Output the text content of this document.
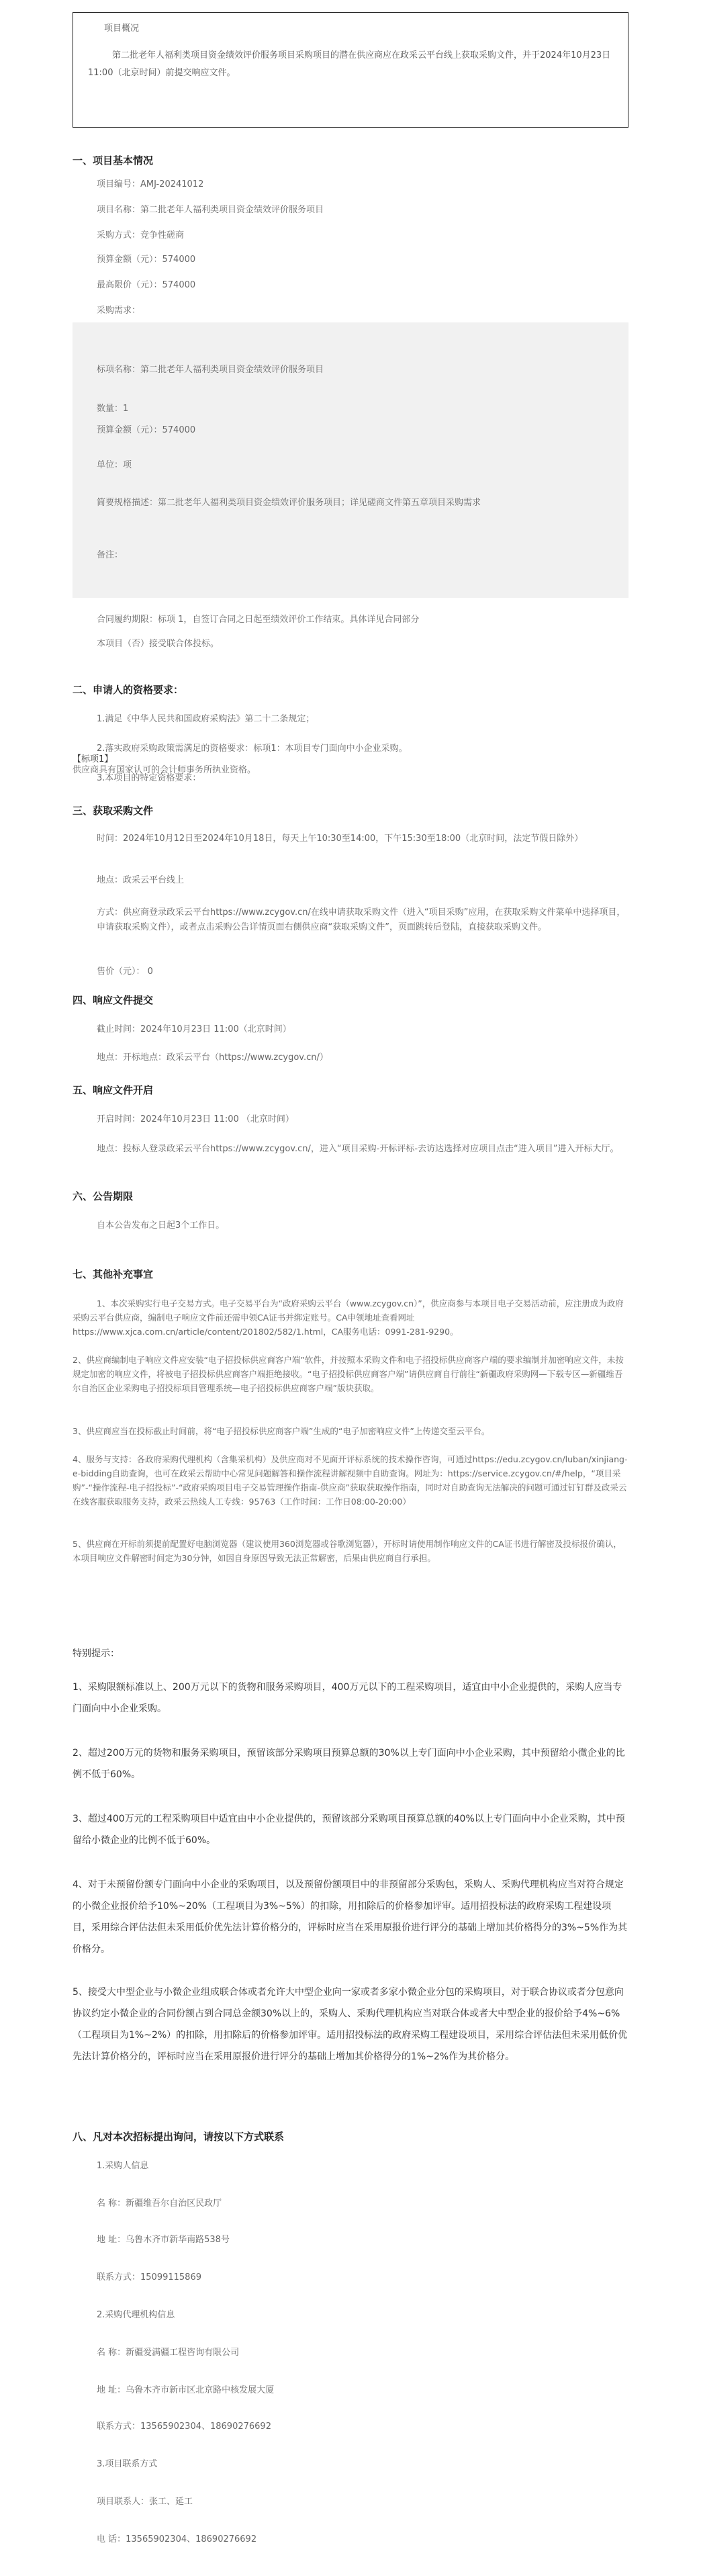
项目概况

第二批老年人福利类项目资金绩效评价服务项目采购项目的潜在供应商应在政采云平台线上获取采购文件，并于2024年10月23日 11:00（北京时间）前提交响应文件。

一、项目基本情况

项目编号：AMJ-20241012

项目名称：第二批老年人福利类项目资金绩效评价服务项目

采购方式：竞争性磋商

预算金额（元）：574000

最高限价（元）：574000

采购需求：

标项名称：第二批老年人福利类项目资金绩效评价服务项目

数量：1

预算金额（元）：574000

单位：项

简要规格描述：第二批老年人福利类项目资金绩效评价服务项目；详见磋商文件第五章项目采购需求

备注：

合同履约期限：标项 1，自签订合同之日起至绩效评价工作结束。具体详见合同部分

本项目（否）接受联合体投标。

二、申请人的资格要求：

1.满足《中华人民共和国政府采购法》第二十二条规定；

2.落实政府采购政策需满足的资格要求：标项1：本项目专门面向中小企业采购。

3.本项目的特定资格要求：

【标项1】

供应商具有国家认可的会计师事务所执业资格。

三、获取采购文件

时间：2024年10月12日至2024年10月18日，每天上午10:30至14:00，下午15:30至18:00（北京时间，法定节假日除外）

地点：政采云平台线上

方式：供应商登录政采云平台https://www.zcygov.cn/在线申请获取采购文件（进入“项目采购”应用，在获取采购文件菜单中选择项目，申请获取采购文件），或者点击采购公告详情页面右侧供应商“获取采购文件”，页面跳转后登陆，直接获取采购文件。

售价（元）： 0

四、响应文件提交

截止时间：2024年10月23日 11:00（北京时间）

地点：开标地点：政采云平台（https://www.zcygov.cn/）

五、响应文件开启

开启时间：2024年10月23日 11:00 （北京时间）

地点：投标人登录政采云平台https://www.zcygov.cn/，进入“项目采购-开标评标-去访达选择对应项目点击“进入项目”进入开标大厅。

六、公告期限

自本公告发布之日起3个工作日。

七、其他补充事宜

1、本次采购实行电子交易方式。电子交易平台为“政府采购云平台（www.zcygov.cn）”，供应商参与本项目电子交易活动前，应注册成为政府采购云平台供应商，编制电子响应文件前还需申领CA证书并绑定账号。CA申领地址查看网址https://www.xjca.com.cn/article/content/201802/582/1.html，CA服务电话：0991-281-9290。

2、供应商编制电子响应文件应安装“电子招投标供应商客户端”软件，并按照本采购文件和电子招投标供应商客户端的要求编制并加密响应文件，未按规定加密的响应文件，将被电子招投标供应商客户端拒绝接收。“电子招投标供应商客户端”请供应商自行前往“新疆政府采购网—下载专区—新疆维吾尔自治区企业采购电子招投标项目管理系统—电子招投标供应商客户端”版块获取。

3、供应商应当在投标截止时间前，将“电子招投标供应商客户端”生成的“电子加密响应文件”上传递交至云平台。

4、服务与支持：各政府采购代理机构（含集采机构）及供应商对不见面开评标系统的技术操作咨询，可通过https://edu.zcygov.cn/luban/xinjiang-e-bidding自助查询，也可在政采云帮助中心常见问题解答和操作流程讲解视频中自助查询。网址为：https://service.zcygov.cn/#/help，“项目采购”-“操作流程-电子招投标”-“政府采购项目电子交易管理操作指南-供应商”获取获取操作指南，同时对自助查询无法解决的问题可通过钉钉群及政采云在线客服获取服务支持，政采云热线人工专线：95763（工作时间：工作日08:00-20:00）

5、供应商在开标前须提前配置好电脑浏览器（建议使用360浏览器或谷歌浏览器），开标时请使用制作响应文件的CA证书进行解密及投标报价确认，本项目响应文件解密时间定为30分钟，如因自身原因导致无法正常解密，后果由供应商自行承担。

特别提示：

1、采购限额标准以上、200万元以下的货物和服务采购项目，400万元以下的工程采购项目，适宜由中小企业提供的，采购人应当专门面向中小企业采购。

2、超过200万元的货物和服务采购项目，预留该部分采购项目预算总额的30%以上专门面向中小企业采购，其中预留给小微企业的比例不低于60%。

3、超过400万元的工程采购项目中适宜由中小企业提供的，预留该部分采购项目预算总额的40%以上专门面向中小企业采购，其中预留给小微企业的比例不低于60%。

4、对于未预留份额专门面向中小企业的采购项目，以及预留份额项目中的非预留部分采购包，采购人、采购代理机构应当对符合规定的小微企业报价给予10%~20%（工程项目为3%~5%）的扣除，用扣除后的价格参加评审。适用招投标法的政府采购工程建设项目，采用综合评估法但未采用低价优先法计算价格分的，评标时应当在采用原报价进行评分的基础上增加其价格得分的3%~5%作为其价格分。

5、接受大中型企业与小微企业组成联合体或者允许大中型企业向一家或者多家小微企业分包的采购项目，对于联合协议或者分包意向协议约定小微企业的合同份额占到合同总金额30%以上的，采购人、采购代理机构应当对联合体或者大中型企业的报价给予4%~6%（工程项目为1%~2%）的扣除，用扣除后的价格参加评审。适用招投标法的政府采购工程建设项目，采用综合评估法但未采用低价优先法计算价格分的，评标时应当在采用原报价进行评分的基础上增加其价格得分的1%~2%作为其价格分。

八、凡对本次招标提出询问，请按以下方式联系

1.采购人信息

名 称：新疆维吾尔自治区民政厅

地 址：乌鲁木齐市新华南路538号

联系方式：15099115869

2.采购代理机构信息

名 称：新疆爱满疆工程咨询有限公司

地 址：乌鲁木齐市新市区北京路中核发展大厦

联系方式：13565902304、18690276692

3.项目联系方式

项目联系人：张工、延工

电 话：13565902304、18690276692
